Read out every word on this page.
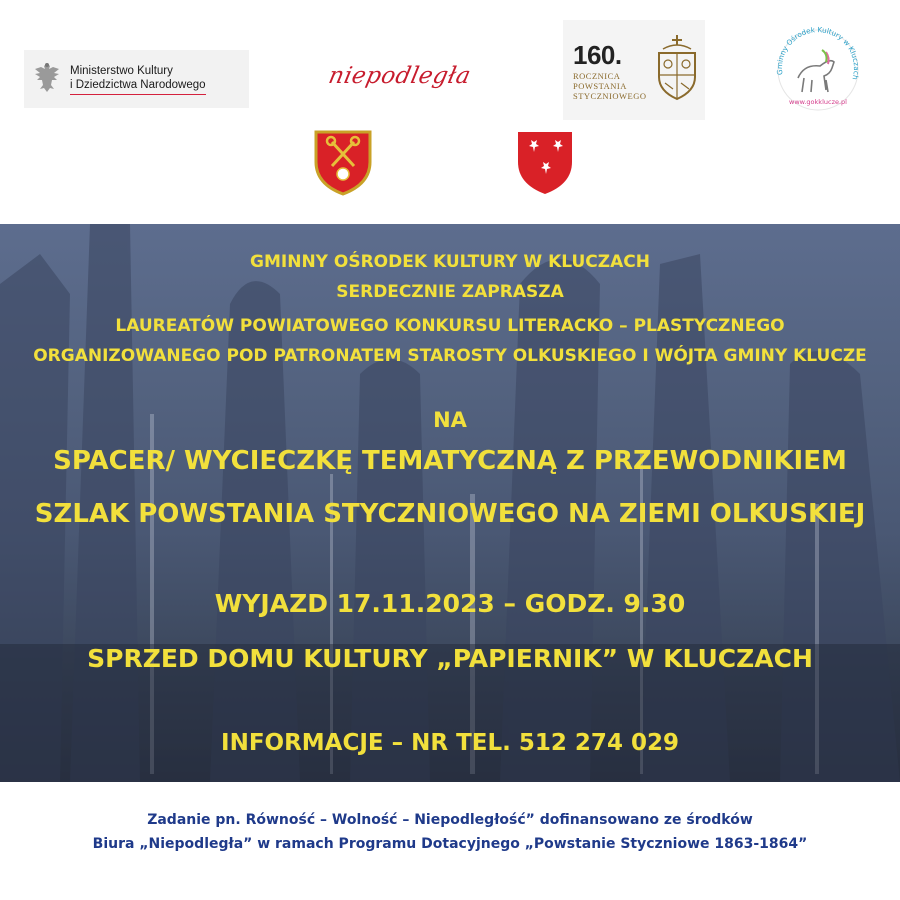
Ministerstwo Kultury
i Dziedzictwa Narodowego	niepodległa
160.
ROCZNICA
POWSTANIA
STYCZNIOWEGO
Gminny Ośrodek Kultury w Kluczach
www.gokklucze.pl
GMINNY OŚRODEK KULTURY W KLUCZACH
SERDECZNIE ZAPRASZA
LAUREATÓW POWIATOWEGO KONKURSU LITERACKO – PLASTYCZNEGO
ORGANIZOWANEGO POD PATRONATEM STAROSTY OLKUSKIEGO I WÓJTA GMINY KLUCZE
NA
SPACER/ WYCIECZKĘ TEMATYCZNĄ Z PRZEWODNIKIEM
SZLAK POWSTANIA STYCZNIOWEGO NA ZIEMI OLKUSKIEJ
WYJAZD 17.11.2023 – GODZ. 9.30
SPRZED DOMU KULTURY „PAPIERNIK” W KLUCZACH
INFORMACJE – NR TEL. 512 274 029
Zadanie pn. Równość – Wolność – Niepodległość” dofinansowano ze środków
Biura „Niepodległa” w ramach Programu Dotacyjnego „Powstanie Styczniowe 1863-1864”
